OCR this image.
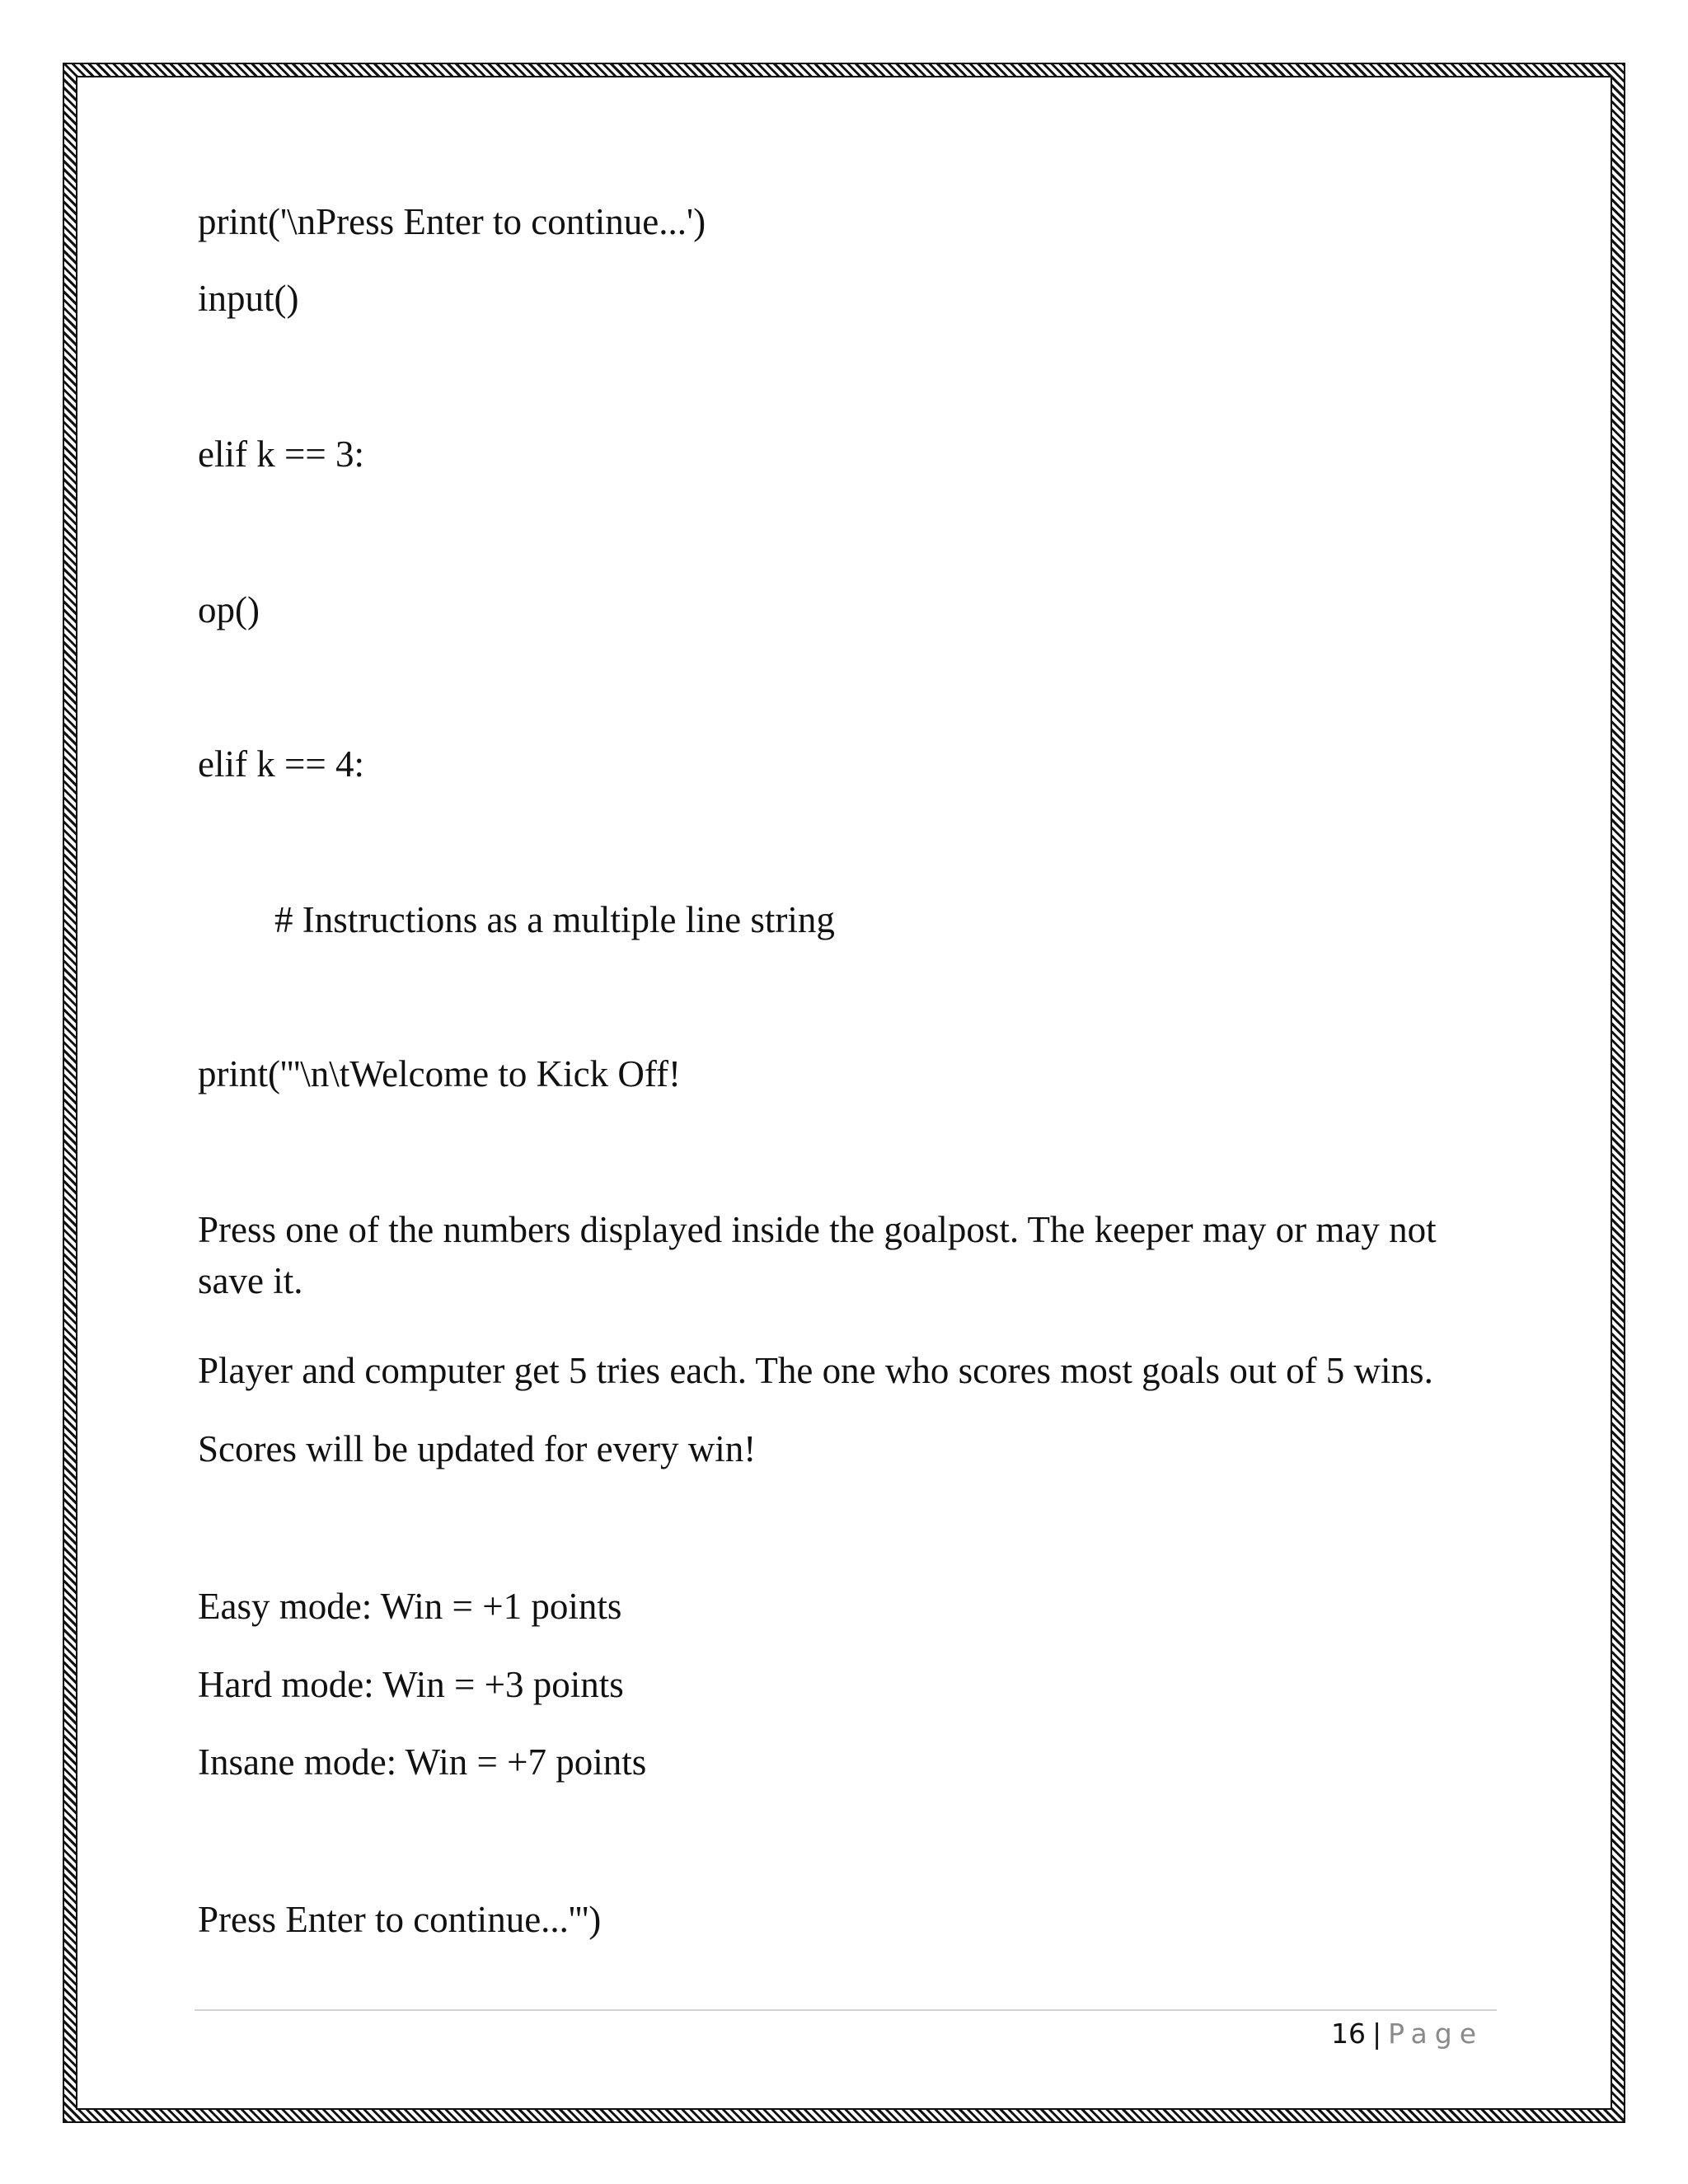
print('\nPress Enter to continue...')

input()

elif k == 3:

op()

elif k == 4:

# Instructions as a multiple line string

print('''\n\tWelcome to Kick Off!

Press one of the numbers displayed inside the goalpost. The keeper may or may not save it.

Player and computer get 5 tries each. The one who scores most goals out of 5 wins.

Scores will be updated for every win!

Easy mode: Win = +1 points

Hard mode: Win = +3 points

Insane mode: Win = +7 points

Press Enter to continue...''')

16 | Page
